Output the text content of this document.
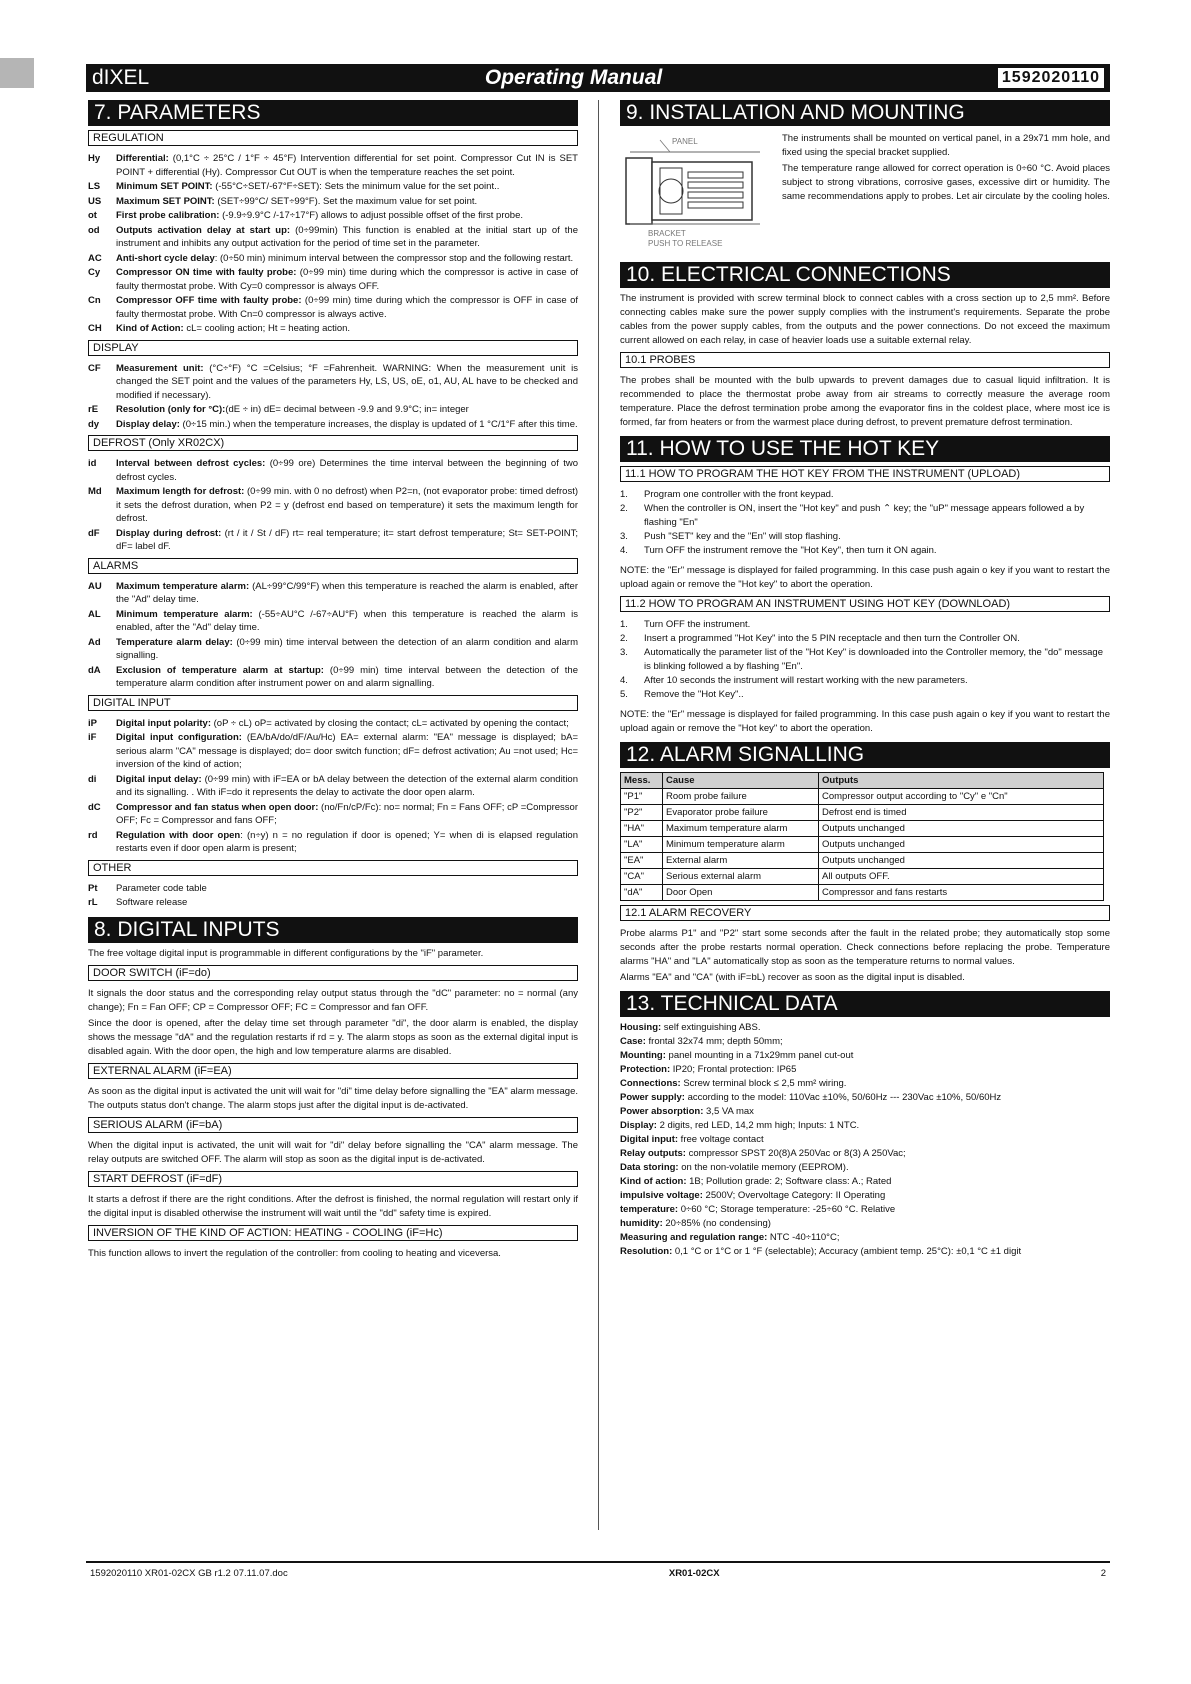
dIXEL	Operating Manual	1592020110
7. PARAMETERS
REGULATION
Hy	Differential: (0,1°C ÷ 25°C / 1°F ÷ 45°F) Intervention differential for set point. Compressor Cut IN is SET POINT + differential (Hy). Compressor Cut OUT is when the temperature reaches the set point.
LS	Minimum SET POINT: (-55°C÷SET/-67°F÷SET): Sets the minimum value for the set point..
US	Maximum SET POINT: (SET÷99°C/ SET÷99°F). Set the maximum value for set point.
ot	First probe calibration: (-9.9÷9.9°C /-17÷17°F) allows to adjust possible offset of the first probe.
od	Outputs activation delay at start up: (0÷99min) This function is enabled at the initial start up of the instrument and inhibits any output activation for the period of time set in the parameter.
AC	Anti-short cycle delay: (0÷50 min) minimum interval between the compressor stop and the following restart.
Cy	Compressor ON time with faulty probe: (0÷99 min) time during which the compressor is active in case of faulty thermostat probe. With Cy=0 compressor is always OFF.
Cn	Compressor OFF time with faulty probe: (0÷99 min) time during which the compressor is OFF in case of faulty thermostat probe. With Cn=0 compressor is always active.
CH	Kind of Action: cL= cooling action; Ht = heating action.
DISPLAY
CF	Measurement unit: (°C÷°F) °C =Celsius; °F =Fahrenheit. WARNING: When the measurement unit is changed the SET point and the values of the parameters Hy, LS, US, oE, o1, AU, AL have to be checked and modified if necessary).
rE	Resolution (only for °C):(dE ÷ in) dE= decimal between -9.9 and 9.9°C; in= integer
dy	Display delay: (0÷15 min.) when the temperature increases, the display is updated of 1 °C/1°F after this time.
DEFROST (Only XR02CX)
id	Interval between defrost cycles: (0÷99 ore) Determines the time interval between the beginning of two defrost cycles.
Md	Maximum length for defrost: (0÷99 min. with 0 no defrost) when P2=n, (not evaporator probe: timed defrost) it sets the defrost duration, when P2 = y (defrost end based on temperature) it sets the maximum length for defrost.
dF	Display during defrost: (rt / it / St / dF) rt= real temperature; it= start defrost temperature; St= SET-POINT; dF= label dF.
ALARMS
AU	Maximum temperature alarm: (AL÷99°C/99°F) when this temperature is reached the alarm is enabled, after the "Ad" delay time.
AL	Minimum temperature alarm: (-55÷AU°C /-67÷AU°F) when this temperature is reached the alarm is enabled, after the "Ad" delay time.
Ad	Temperature alarm delay: (0÷99 min) time interval between the detection of an alarm condition and alarm signalling.
dA	Exclusion of temperature alarm at startup: (0÷99 min) time interval between the detection of the temperature alarm condition after instrument power on and alarm signalling.
DIGITAL INPUT
iP	Digital input polarity: (oP ÷ cL) oP= activated by closing the contact; cL= activated by opening the contact;
iF	Digital input configuration: (EA/bA/do/dF/Au/Hc) EA= external alarm: "EA" message is displayed; bA= serious alarm "CA" message is displayed; do= door switch function; dF= defrost activation; Au =not used; Hc= inversion of the kind of action;
di	Digital input delay: (0÷99 min) with iF=EA or bA delay between the detection of the external alarm condition and its signalling. . With iF=do it represents the delay to activate the door open alarm.
dC	Compressor and fan status when open door: (no/Fn/cP/Fc): no= normal; Fn = Fans OFF; cP =Compressor OFF; Fc = Compressor and fans OFF;
rd	Regulation with door open: (n÷y) n = no regulation if door is opened; Y= when di is elapsed regulation restarts even if door open alarm is present;
OTHER
Pt	Parameter code table
rL	Software release
8. DIGITAL INPUTS
The free voltage digital input is programmable in different configurations by the "iF" parameter.
DOOR SWITCH (iF=do)
It signals the door status and the corresponding relay output status through the "dC" parameter: no = normal (any change); Fn = Fan OFF; CP = Compressor OFF; FC = Compressor and fan OFF.
Since the door is opened, after the delay time set through parameter "di", the door alarm is enabled, the display shows the message "dA" and the regulation restarts if rd = y. The alarm stops as soon as the external digital input is disabled again. With the door open, the high and low temperature alarms are disabled.
EXTERNAL ALARM (iF=EA)
As soon as the digital input is activated the unit will wait for "di" time delay before signalling the "EA" alarm message. The outputs status don't change. The alarm stops just after the digital input is de-activated.
SERIOUS ALARM (iF=bA)
When the digital input is activated, the unit will wait for "di" delay before signalling the "CA" alarm message. The relay outputs are switched OFF. The alarm will stop as soon as the digital input is de-activated.
START DEFROST (iF=dF)
It starts a defrost if there are the right conditions. After the defrost is finished, the normal regulation will restart only if the digital input is disabled otherwise the instrument will wait until the "dd" safety time is expired.
INVERSION OF THE KIND OF ACTION: HEATING - COOLING (iF=Hc)
This function allows to invert the regulation of the controller: from cooling to heating and viceversa.
9. INSTALLATION AND MOUNTING
PANEL
BRACKET
PUSH TO RELEASE
The instruments shall be mounted on vertical panel, in a 29x71 mm hole, and fixed using the special bracket supplied.
The temperature range allowed for correct operation is 0÷60 °C. Avoid places subject to strong vibrations, corrosive gases, excessive dirt or humidity. The same recommendations apply to probes. Let air circulate by the cooling holes.
10. ELECTRICAL CONNECTIONS
The instrument is provided with screw terminal block to connect cables with a cross section up to 2,5 mm². Before connecting cables make sure the power supply complies with the instrument's requirements. Separate the probe cables from the power supply cables, from the outputs and the power connections. Do not exceed the maximum current allowed on each relay, in case of heavier loads use a suitable external relay.
10.1 PROBES
The probes shall be mounted with the bulb upwards to prevent damages due to casual liquid infiltration. It is recommended to place the thermostat probe away from air streams to correctly measure the average room temperature. Place the defrost termination probe among the evaporator fins in the coldest place, where most ice is formed, far from heaters or from the warmest place during defrost, to prevent premature defrost termination.
11. HOW TO USE THE HOT KEY
11.1 HOW TO PROGRAM THE HOT KEY FROM THE INSTRUMENT (UPLOAD)
1.	Program one controller with the front keypad.
2.	When the controller is ON, insert the "Hot key" and push ⌃ key; the "uP" message appears followed a by flashing "En"
3.	Push "SET" key and the "En" will stop flashing.
4.	Turn OFF the instrument remove the "Hot Key", then turn it ON again.
NOTE: the "Er" message is displayed for failed programming. In this case push again o key if you want to restart the upload again or remove the "Hot key" to abort the operation.
11.2 HOW TO PROGRAM AN INSTRUMENT USING HOT KEY (DOWNLOAD)
1.	Turn OFF the instrument.
2.	Insert a programmed "Hot Key" into the 5 PIN receptacle and then turn the Controller ON.
3.	Automatically the parameter list of the "Hot Key" is downloaded into the Controller memory, the "do" message is blinking followed a by flashing "En".
4.	After 10 seconds the instrument will restart working with the new parameters.
5.	Remove the "Hot Key"..
NOTE: the "Er" message is displayed for failed programming. In this case push again o key if you want to restart the upload again or remove the "Hot key" to abort the operation.
12. ALARM SIGNALLING
Mess.	Cause	Outputs
"P1"	Room probe failure	Compressor output according to "Cy" e "Cn"
"P2"	Evaporator probe failure	Defrost end is timed
"HA"	Maximum temperature alarm	Outputs unchanged
"LA"	Minimum temperature alarm	Outputs unchanged
"EA"	External alarm	Outputs unchanged
"CA"	Serious external alarm	All outputs OFF.
"dA"	Door Open	Compressor and fans restarts
12.1 ALARM RECOVERY
Probe alarms P1" and "P2" start some seconds after the fault in the related probe; they automatically stop some seconds after the probe restarts normal operation. Check connections before replacing the probe. Temperature alarms "HA" and "LA" automatically stop as soon as the temperature returns to normal values.
Alarms "EA" and "CA" (with iF=bL) recover as soon as the digital input is disabled.
13. TECHNICAL DATA
Housing: self extinguishing ABS.
Case: frontal 32x74 mm; depth 50mm;
Mounting: panel mounting in a 71x29mm panel cut-out
Protection: IP20; Frontal protection: IP65
Connections: Screw terminal block ≤ 2,5 mm² wiring.
Power supply: according to the model: 110Vac ±10%, 50/60Hz --- 230Vac ±10%, 50/60Hz
Power absorption: 3,5 VA max
Display: 2 digits, red LED, 14,2 mm high; Inputs: 1 NTC.
Digital input: free voltage contact
Relay outputs: compressor SPST 20(8)A 250Vac or 8(3) A 250Vac;
Data storing: on the non-volatile memory (EEPROM).
Kind of action: 1B; Pollution grade: 2; Software class: A.; Rated
impulsive voltage: 2500V; Overvoltage Category: II Operating
temperature: 0÷60 °C; Storage temperature: -25÷60 °C. Relative
humidity: 20÷85% (no condensing)
Measuring and regulation range: NTC -40÷110°C;
Resolution: 0,1 °C or 1°C or 1 °F (selectable); Accuracy (ambient temp. 25°C): ±0,1 °C ±1 digit
1592020110 XR01-02CX GB r1.2 07.11.07.doc	XR01-02CX	2
